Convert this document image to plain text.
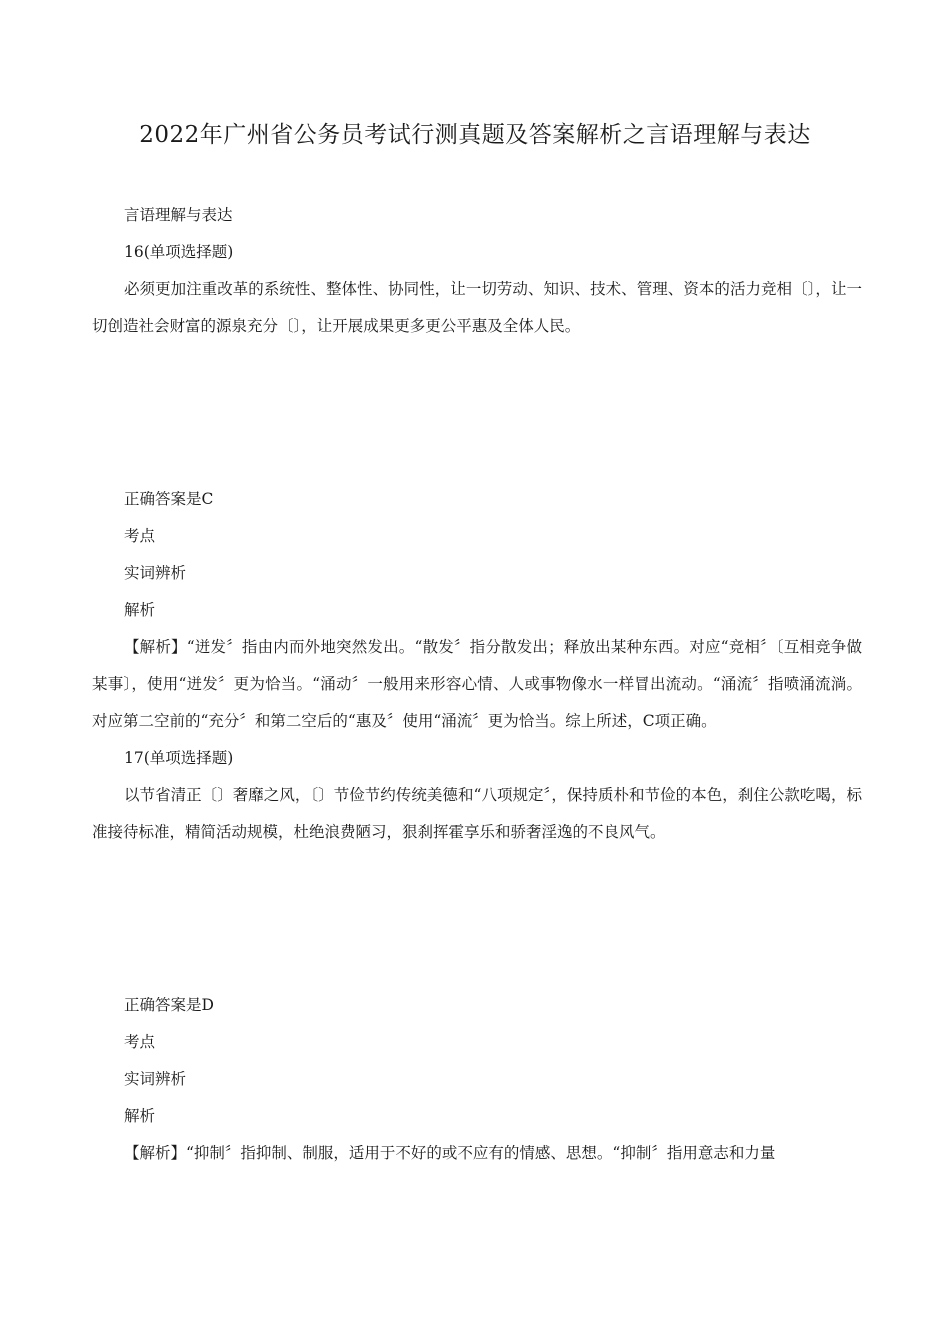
2022年广州省公务员考试行测真题及答案解析之言语理解与表达

言语理解与表达

16(单项选择题)

必须更加注重改革的系统性、整体性、协同性，让一切劳动、知识、技术、管理、资本的活力竞相〔〕，让一切创造社会财富的源泉充分〔〕，让开展成果更多更公平惠及全体人民。

正确答案是C

考点

实词辨析

解析

【解析】“迸发〞指由内而外地突然发出。“散发〞指分散发出；释放出某种东西。对应“竞相〞〔互相竞争做某事〕，使用“迸发〞更为恰当。“涌动〞一般用来形容心情、人或事物像水一样冒出流动。“涌流〞指喷涌流淌。对应第二空前的“充分〞和第二空后的“惠及〞使用“涌流〞更为恰当。综上所述，C项正确。

17(单项选择题)

以节省清正〔〕奢靡之风，〔〕节俭节约传统美德和“八项规定〞，保持质朴和节俭的本色，刹住公款吃喝，标准接待标准，精简活动规模，杜绝浪费陋习，狠刹挥霍享乐和骄奢淫逸的不良风气。

正确答案是D

考点

实词辨析

解析

【解析】“抑制〞指抑制、制服，适用于不好的或不应有的情感、思想。“抑制〞指用意志和力量
